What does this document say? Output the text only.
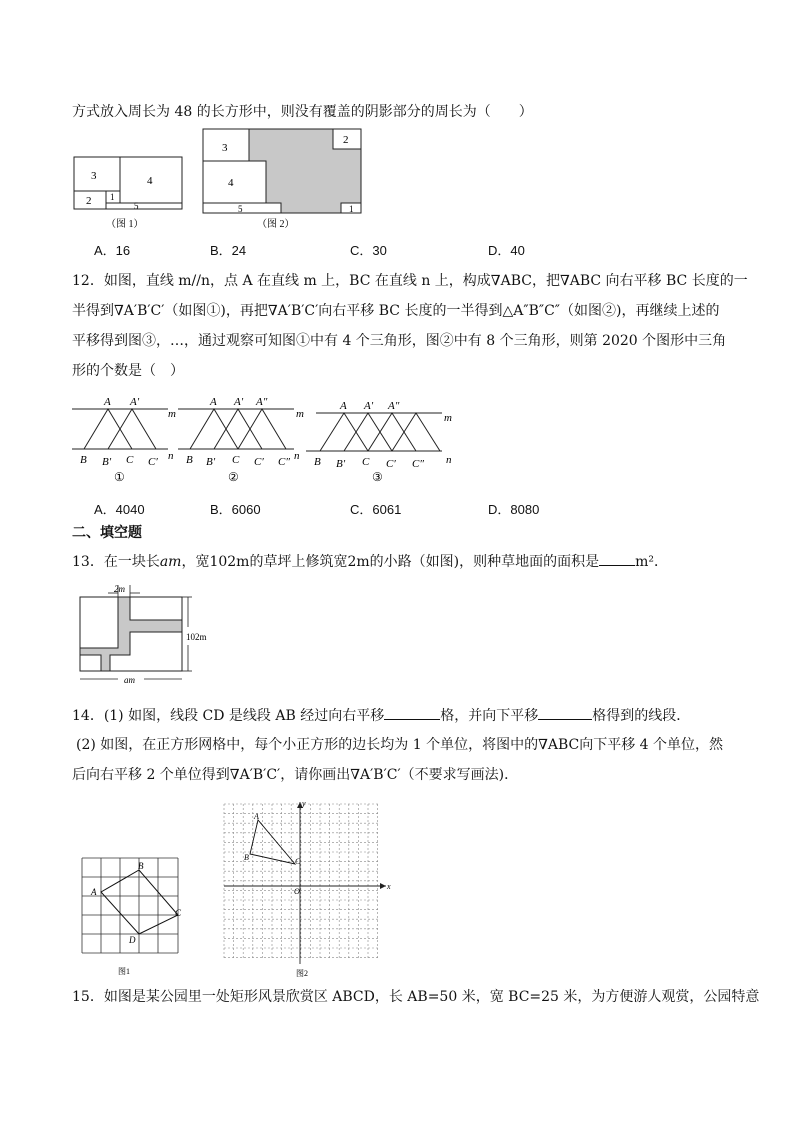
方式放入周长为 48 的长方形中，则没有覆盖的阴影部分的周长为（　　）
3	4
2 1
5
（图 1）
3
4
2
5	1
（图 2）
A．16	B．24	C．30	D．40
12．如图，直线 m//n，点 A 在直线 m 上，BC 在直线 n 上，构成∇ABC，把∇ABC 向右平移 BC 长度的一
半得到∇A′B′C′（如图①)，再把∇A′B′C′向右平移 BC 长度的一半得到△A″B″C″（如图②)，再继续上述的
平移得到图③，…，通过观察可知图①中有 4 个三角形，图②中有 8 个三角形，则第 2020 个图形中三角
形的个数是（　）
A A′
m
B B′ C C′ n
①
A A′ A″
m
B B′ C C′ C″ n
②
A A′ A″
m
B B′ C C′ C″ n
③
A．4040	B．6060	C．6061	D．8080
二、填空题
13．在一块长am，宽102m的草坪上修筑宽2m的小路（如图)，则种草地面的面积是	m²．
2m
102m
am
14．(1) 如图，线段 CD 是线段 AB 经过向右平移	格，并向下平移	格得到的线段．
(2) 如图，在正方形网格中，每个小正方形的边长均为 1 个单位，将图中的∇ABC向下平移 4 个单位，然
后向右平移 2 个单位得到∇A′B′C′，请你画出∇A′B′C′（不要求写画法)．
A
B
C
D
图1
A
B	C
O
x
y
图2
15．如图是某公园里一处矩形风景欣赏区 ABCD，长 AB=50 米，宽 BC=25 米，为方便游人观赏，公园特意
